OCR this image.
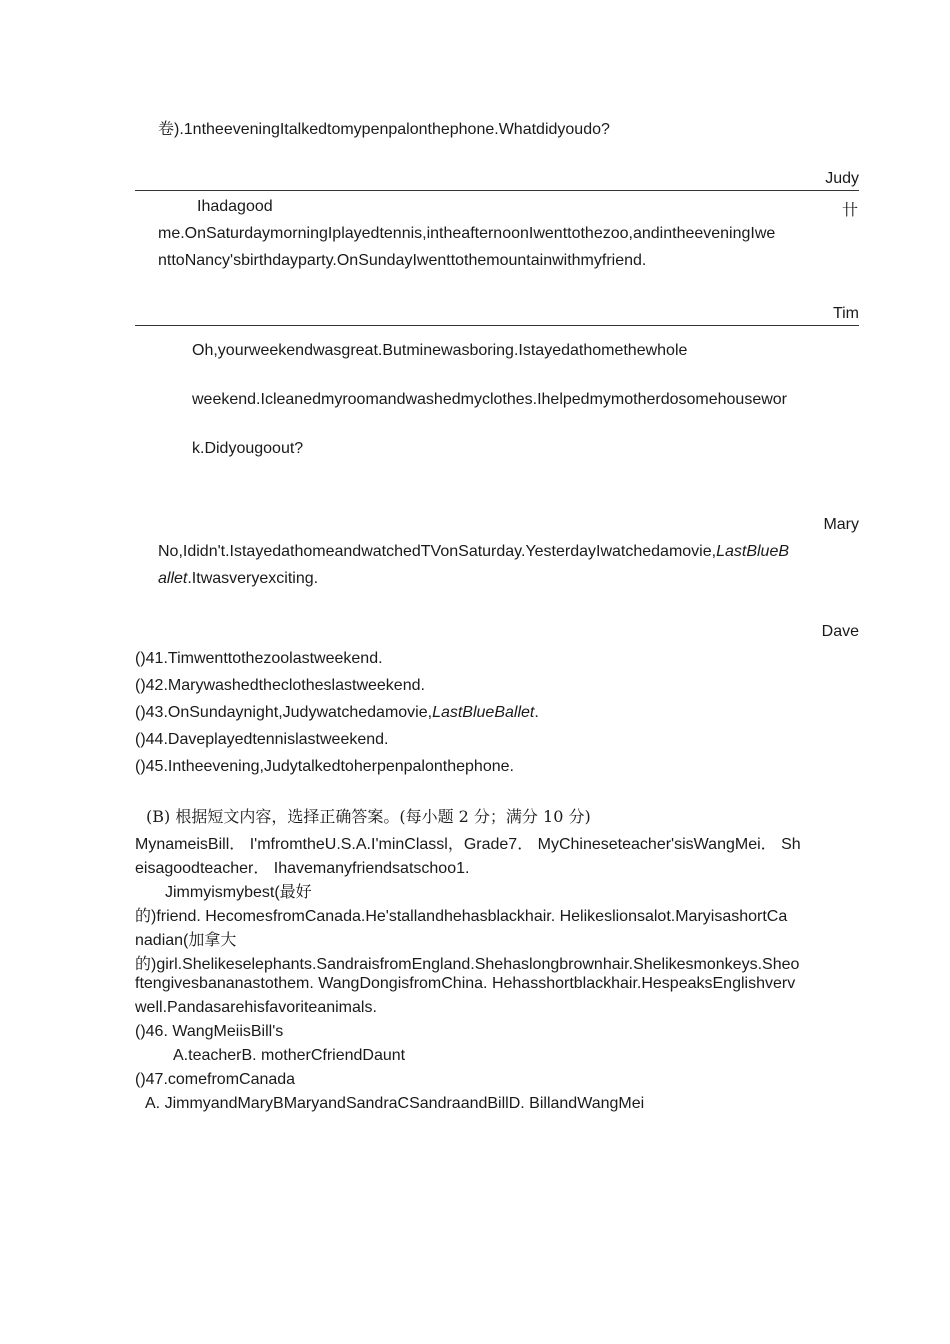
卷).1ntheeveningItalkedtomypenpalonthephone.Whatdidyoudo?
Judy
Ihadagood	卄
me.OnSaturdaymorningIplayedtennis,intheafternoonIwenttothezoo,andintheeveningIwe
nttoNancy'sbirthdayparty.OnSundayIwenttothemountainwithmyfriend.
Tim
Oh,yourweekendwasgreat.Butminewasboring.Istayedathomethewhole
weekend.Icleanedmyroomandwashedmyclothes.Ihelpedmymotherdosomehousewor
k.Didyougoout?
Mary
No,Ididn't.IstayedathomeandwatchedTVonSaturday.YesterdayIwatchedamovie,LastBlueB
allet.Itwasveryexciting.
Dave
()41.Timwenttothezoolastweekend.
()42.Marywashedtheclotheslastweekend.
()43.OnSundaynight,Judywatchedamovie,LastBlueBallet.
()44.Daveplayedtennislastweekend.
()45.Intheevening,Judytalkedtoherpenpalonthephone.
(B) 根据短文内容，选择正确答案。(每小题 2 分；满分 10 分)
MynameisBill． I'mfromtheU.S.A.I'minClassl，Grade7． MyChineseteacher'sisWangMei． Sh
eisagoodteacher． Ihavemanyfriendsatschoo1.
Jimmyismybest(最好
的)friend. HecomesfromCanada.He'stallandhehasblackhair. Helikeslionsalot.MaryisashortCa
nadian(加拿大
的)girl.Shelikeselephants.SandraisfromEngland.Shehaslongbrownhair.Shelikesmonkeys.Sheo
ftengivesbananastothem. WangDongisfromChina. Hehasshortblackhair.HespeaksEnglishverv
well.Pandasarehisfavoriteanimals.
()46. WangMeiisBill's
A.teacherB. motherCfriendDaunt
()47.comefromCanada
A. JimmyandMaryBMaryandSandraCSandraandBillD. BillandWangMei
